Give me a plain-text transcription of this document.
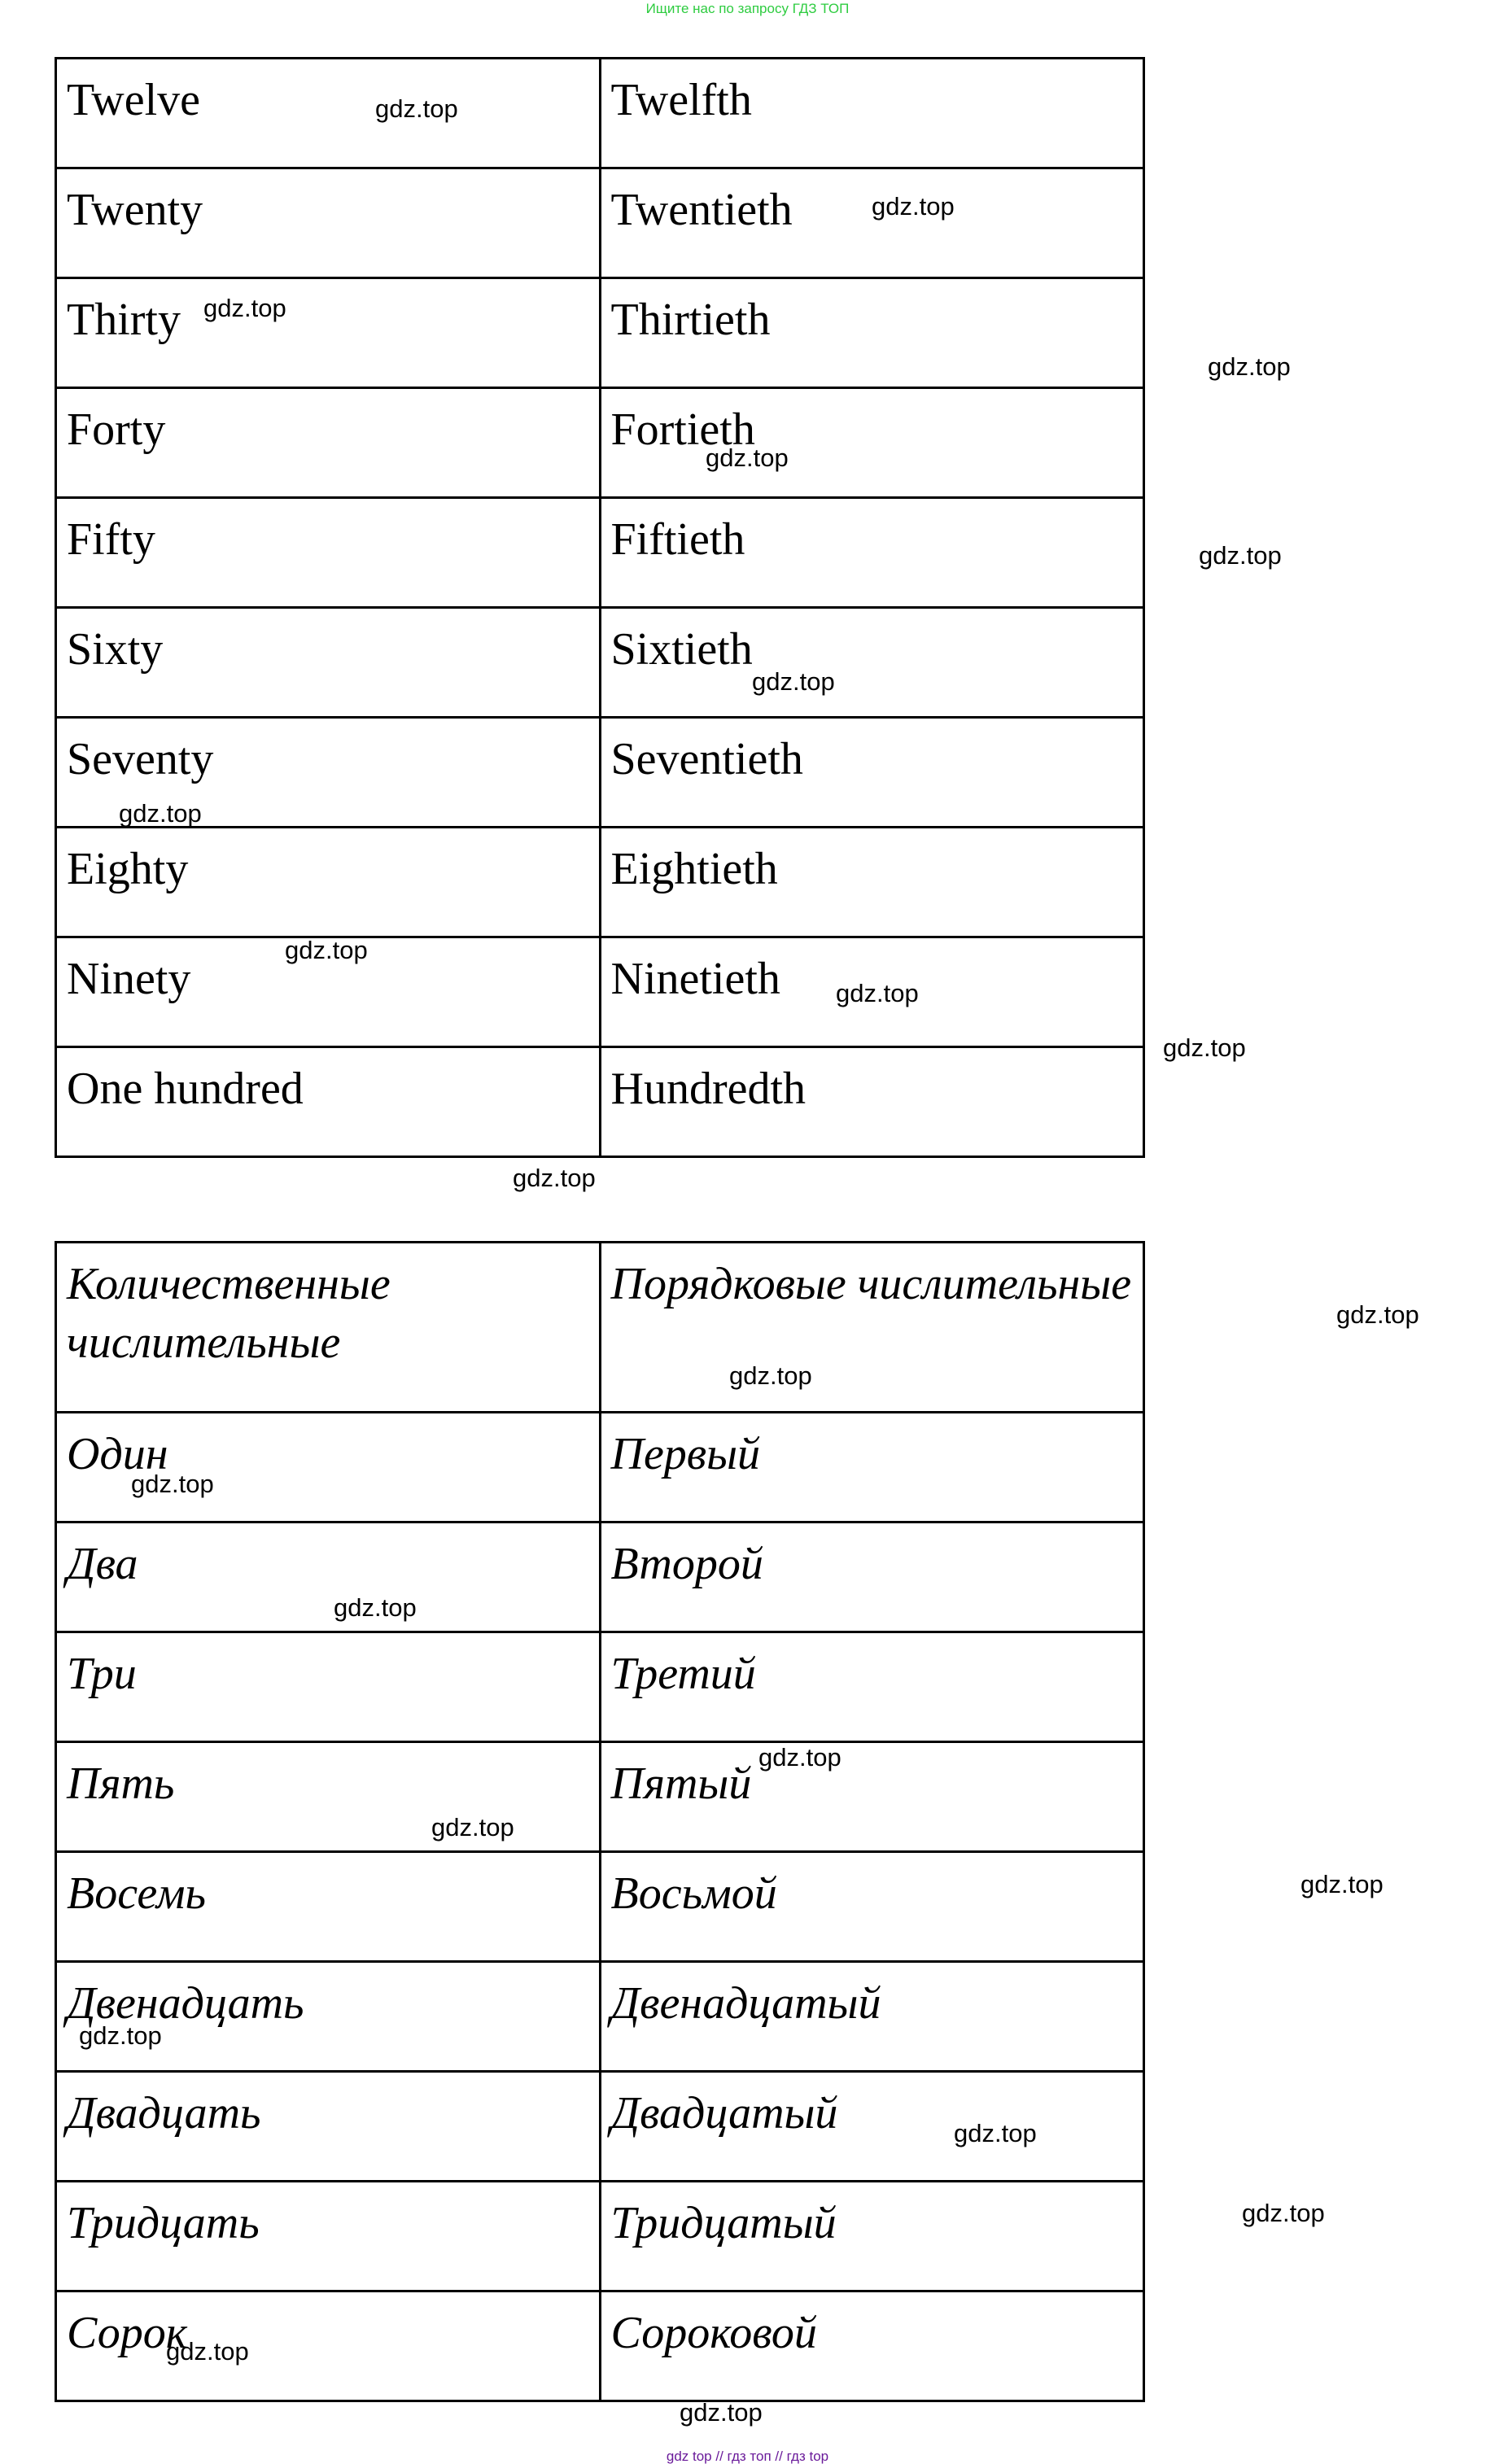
Ищите нас по запросу ГДЗ ТОП
Twelve	Twelfth
Twenty	Twentieth
Thirty	Thirtieth
Forty	Fortieth
Fifty	Fiftieth
Sixty	Sixtieth
Seventy	Seventieth
Eighty	Eightieth
Ninety	Ninetieth
One hundred	Hundredth
Количественные числительные	Порядковые числительные
Один	Первый
Два	Второй
Три	Третий
Пять	Пятый
Восемь	Восьмой
Двенадцать	Двенадцатый
Двадцать	Двадцатый
Тридцать	Тридцатый
Сорок	Сороковой
gdz.top
gdz.top
gdz.top
gdz.top
gdz.top
gdz.top
gdz.top
gdz.top
gdz.top
gdz.top
gdz.top
gdz.top
gdz.top
gdz.top
gdz.top
gdz.top
gdz.top
gdz.top
gdz.top
gdz.top
gdz.top
gdz.top
gdz.top
gdz.top
gdz top // гдз топ // гдз top
